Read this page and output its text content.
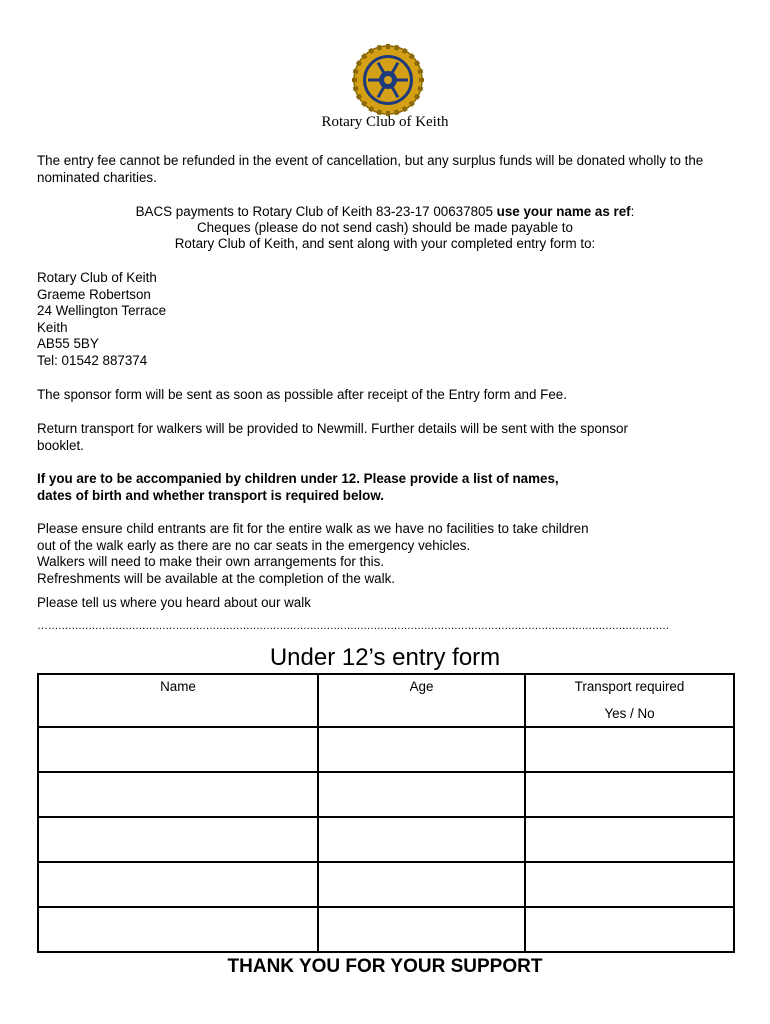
Rotary Club of Keith

The entry fee cannot be refunded in the event of cancellation, but any surplus funds will be donated wholly to the nominated charities.

BACS payments to Rotary Club of Keith 83-23-17 00637805 use your name as ref:

Cheques (please do not send cash) should be made payable to

Rotary Club of Keith, and sent along with your completed entry form to:

Rotary Club of Keith

Graeme Robertson

24 Wellington Terrace

Keith

AB55 5BY

Tel: 01542 887374

The sponsor form will be sent as soon as possible after receipt of the Entry form and Fee.

Return transport for walkers will be provided to Newmill. Further details will be sent with the sponsor booklet.

If you are to be accompanied by children under 12. Please provide a list of names,

dates of birth and whether transport is required below.

Please ensure child entrants are fit for the entire walk as we have no facilities to take children

out of the walk early as there are no car seats in the emergency vehicles.

Walkers will need to make their own arrangements for this.

Refreshments will be available at the completion of the walk.

Please tell us where you heard about our walk

….........................................................................................................................................................................................
Under 12’s entry form
Name	Age	Transport required
Yes / No

THANK YOU FOR YOUR SUPPORT
